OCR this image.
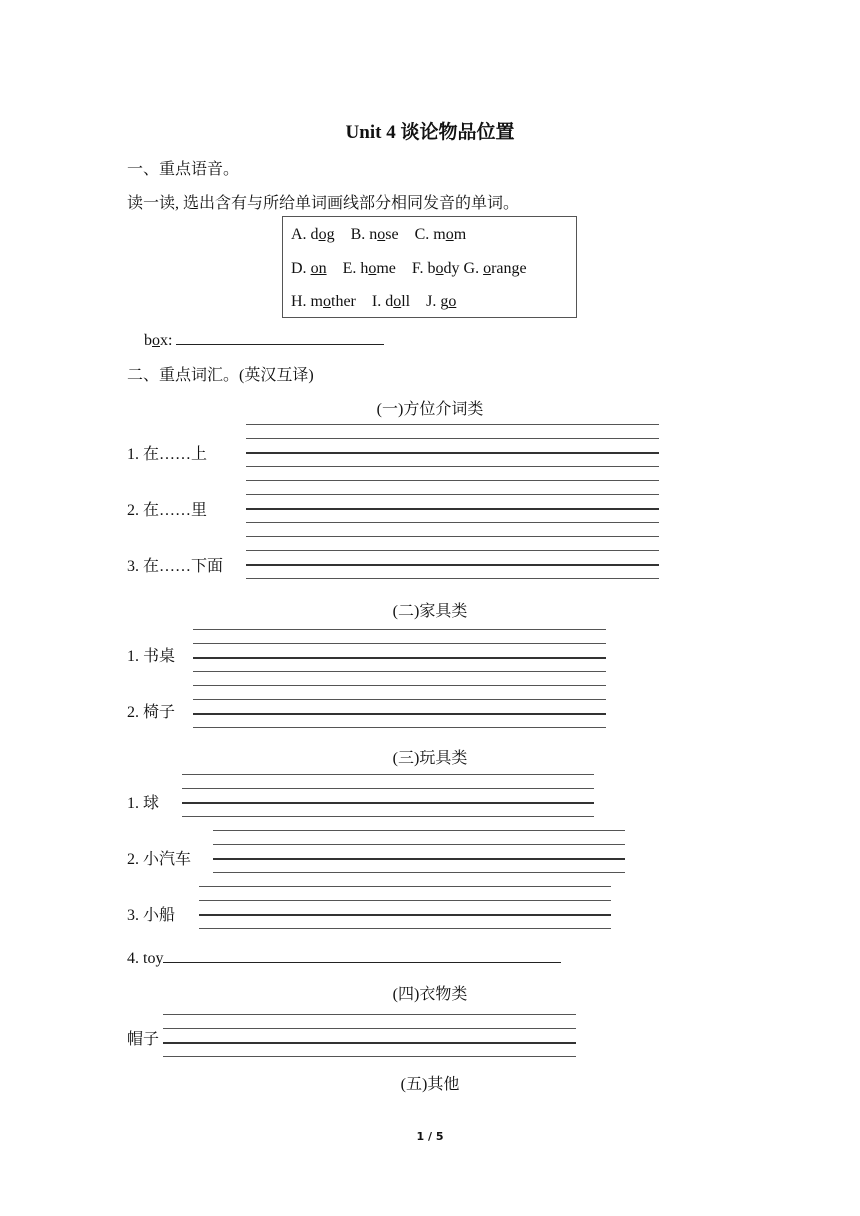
Unit 4 谈论物品位置
一、重点语音。
读一读, 选出含有与所给单词画线部分相同发音的单词。
A. dog B. nose C. mom
D. on E. home F. body G. orange
H. mother I. doll J. go
box:
二、重点词汇。(英汉互译)
(一)方位介词类
1. 在……上
2. 在……里
3. 在……下面
(二)家具类
1. 书桌
2. 椅子
(三)玩具类
1. 球
2. 小汽车
3. 小船
4. toy
(四)衣物类
帽子
(五)其他
1 / 5
